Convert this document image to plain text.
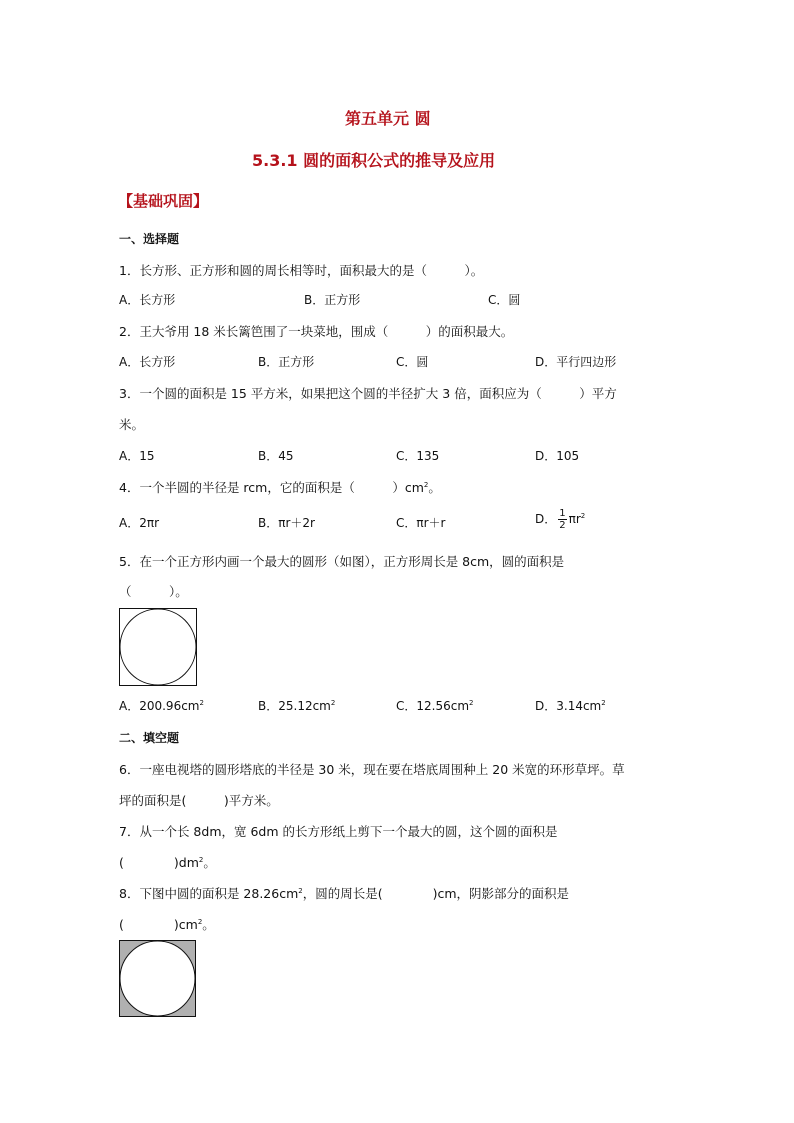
第五单元 圆
5.3.1 圆的面积公式的推导及应用
【基础巩固】
一、选择题
1．长方形、正方形和圆的周长相等时，面积最大的是（　　　）。
A．长方形	B．正方形	C．圆
2．王大爷用 18 米长篱笆围了一块菜地，围成（　　　）的面积最大。
A．长方形	B．正方形	C．圆	D．平行四边形
3．一个圆的面积是 15 平方米，如果把这个圆的半径扩大 3 倍，面积应为（　　　）平方
米。
A．15	B．45	C．135	D．105
4．一个半圆的半径是 rcm，它的面积是（　　　）$cm^2$。
A．2πr	B．πr＋2r	C．πr＋r	D． $\frac{1}{2} \pi r^2$
5．在一个正方形内画一个最大的圆形（如图），正方形周长是 8cm，圆的面积是
（　　　）。
A．$200.96cm^2$	B．$25.12cm^2$	C．$12.56cm^2$	D．$3.14cm^2$
二、填空题
6．一座电视塔的圆形塔底的半径是 30 米，现在要在塔底周围种上 20 米宽的环形草坪。草
坪的面积是(　　　)平方米。
7．从一个长 8dm，宽 6dm 的长方形纸上剪下一个最大的圆，这个圆的面积是
(　　　　)$dm^2$。
8．下图中圆的面积是 $28.26cm^2$，圆的周长是(　　　　)cm，阴影部分的面积是
(　　　　)$cm^2$。
